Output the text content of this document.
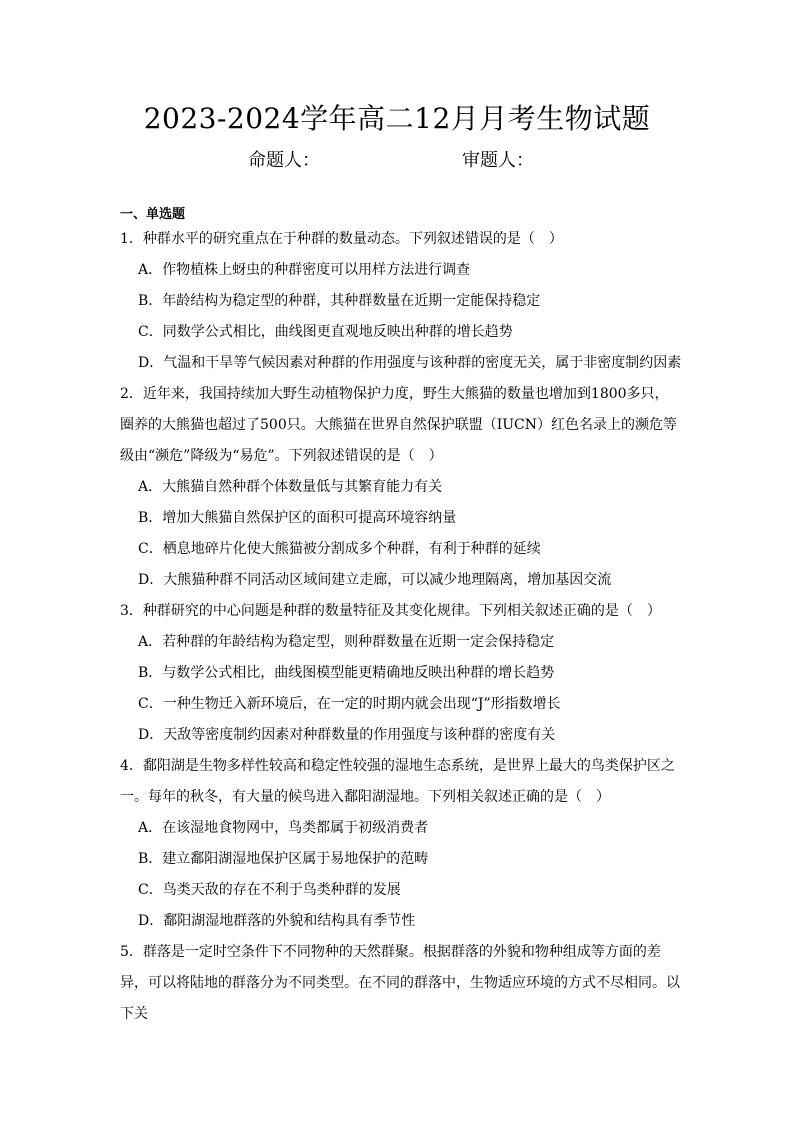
2023-2024学年高二12月月考生物试题
命题人：	审题人：
一、单选题
1．种群水平的研究重点在于种群的数量动态。下列叙述错误的是（　）
A．作物植株上蚜虫的种群密度可以用样方法进行调查
B．年龄结构为稳定型的种群，其种群数量在近期一定能保持稳定
C．同数学公式相比，曲线图更直观地反映出种群的增长趋势
D．气温和干旱等气候因素对种群的作用强度与该种群的密度无关，属于非密度制约因素
2．近年来，我国持续加大野生动植物保护力度，野生大熊猫的数量也增加到1800多只，圈养的大熊猫也超过了500只。大熊猫在世界自然保护联盟（IUCN）红色名录上的濒危等级由“濒危”降级为“易危”。下列叙述错误的是（　）
A．大熊猫自然种群个体数量低与其繁育能力有关
B．增加大熊猫自然保护区的面积可提高环境容纳量
C．栖息地碎片化使大熊猫被分割成多个种群，有利于种群的延续
D．大熊猫种群不同活动区域间建立走廊，可以减少地理隔离，增加基因交流
3．种群研究的中心问题是种群的数量特征及其变化规律。下列相关叙述正确的是（　）
A．若种群的年龄结构为稳定型，则种群数量在近期一定会保持稳定
B．与数学公式相比，曲线图模型能更精确地反映出种群的增长趋势
C．一种生物迁入新环境后，在一定的时期内就会出现“J”形指数增长
D．天敌等密度制约因素对种群数量的作用强度与该种群的密度有关
4．鄱阳湖是生物多样性较高和稳定性较强的湿地生态系统，是世界上最大的鸟类保护区之一。每年的秋冬，有大量的候鸟进入鄱阳湖湿地。下列相关叙述正确的是（　）
A．在该湿地食物网中，鸟类都属于初级消费者
B．建立鄱阳湖湿地保护区属于易地保护的范畴
C．鸟类天敌的存在不利于鸟类种群的发展
D．鄱阳湖湿地群落的外貌和结构具有季节性
5．群落是一定时空条件下不同物种的天然群聚。根据群落的外貌和物种组成等方面的差异，可以将陆地的群落分为不同类型。在不同的群落中，生物适应环境的方式不尽相同。以下关
